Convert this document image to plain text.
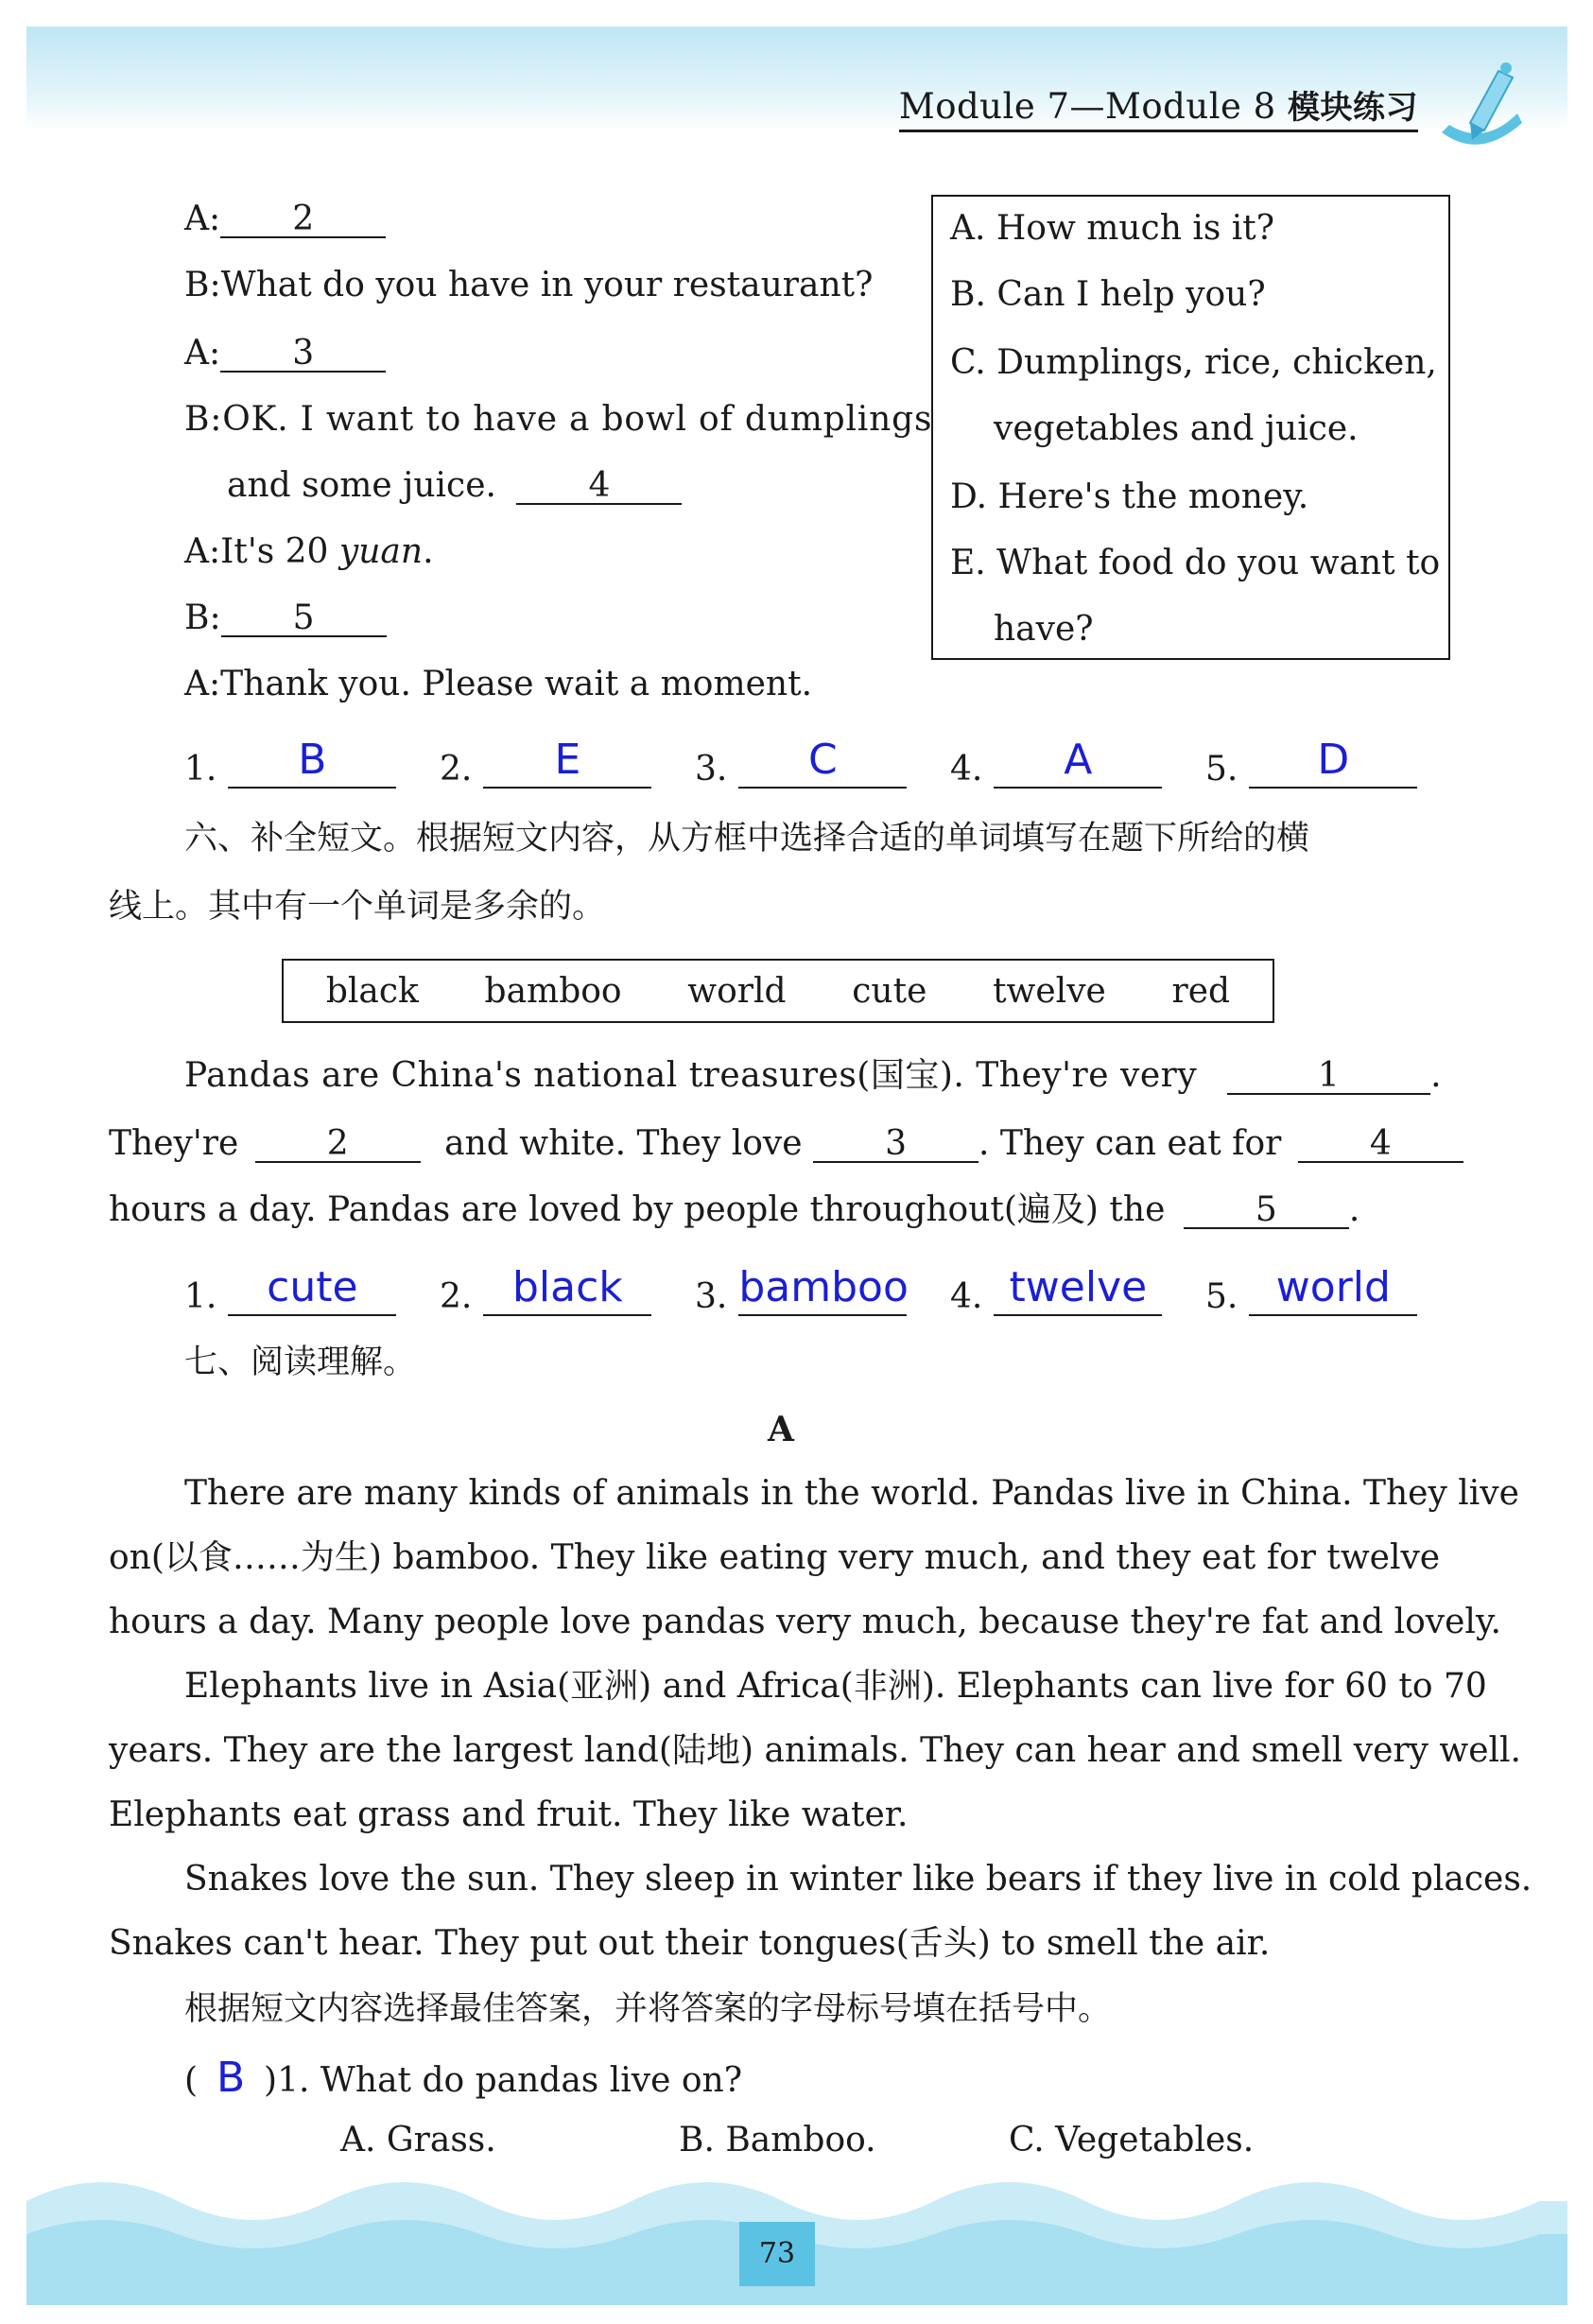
Module 7—Module 8 模块练习
A: 2
B:What do you have in your restaurant?
A: 3
B:OK. I want to have a bowl of dumplings
and some juice.	4
A:It's 20 yuan.
B: 5
A:Thank you. Please wait a moment.
A. How much is it?
B. Can I help you?
C. Dumplings, rice, chicken,
vegetables and juice.
D. Here's the money.
E. What food do you want to
have?
1.	B	2.	E	3.	C	4.	A	5.	D
六、补全短文。根据短文内容，从方框中选择合适的单词填写在题下所给的横
线上。其中有一个单词是多余的。
black bamboo world cute twelve red
Pandas are China's national treasures(国宝). They're very	1	.
They're	2	and white. They love 3 . They can eat for	4
hours a day. Pandas are loved by people throughout(遍及) the	5 .
1.	cute	2. black	3. bamboo 4. twelve	5. world
七、阅读理解。
A
There are many kinds of animals in the world. Pandas live in China. They live
on(以食……为生) bamboo. They like eating very much, and they eat for twelve
hours a day. Many people love pandas very much, because they're fat and lovely.
Elephants live in Asia(亚洲) and Africa(非洲). Elephants can live for 60 to 70
years. They are the largest land(陆地) animals. They can hear and smell very well.
Elephants eat grass and fruit. They like water.
Snakes love the sun. They sleep in winter like bears if they live in cold places.
Snakes can't hear. They put out their tongues(舌头) to smell the air.
根据短文内容选择最佳答案，并将答案的字母标号填在括号中。
( B )1. What do pandas live on?
A. Grass.	B. Bamboo.	C. Vegetables.
73
